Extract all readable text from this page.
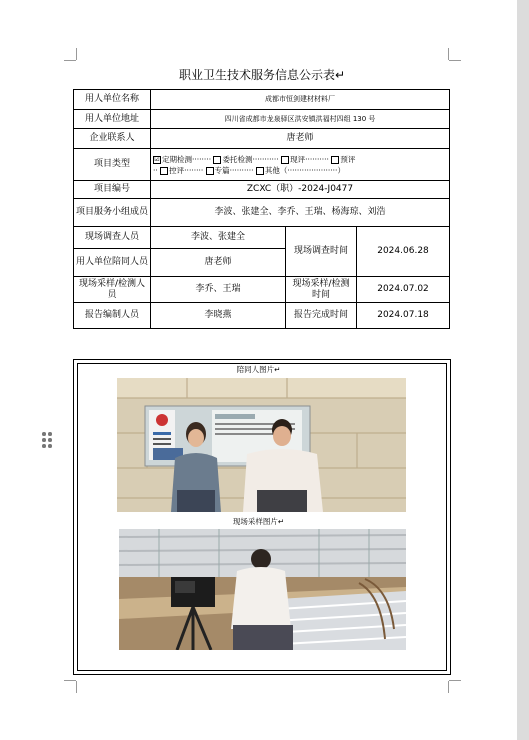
职业卫生技术服务信息公示表↵
用人单位名称	成都市恒剑建材材料厂		
用人单位地址	四川省成都市龙泉驿区洪安镇洪福村四组 130 号		
企业联系人	唐老师		
项目类型	☑ 定期检测········ 委托检测··········· 现评·········· 预评
·· 控评········ 专篇·········· 其他（·····················）		

项目编号	ZCXC（职）-2024-J0477		
项目服务小组成员	李波、张建全、李乔、王瑞、杨海琼、刘浩		
现场调查人员	李波、张建全	现场调查时间	2024.06.28
用人单位陪同人员	唐老师		
现场采样/检测人员	李乔、王瑞	现场采样/检测时间	2024.07.02
报告编制人员	李晓燕	报告完成时间	2024.07.18
陪同人图片↵
现场采样图片↵
